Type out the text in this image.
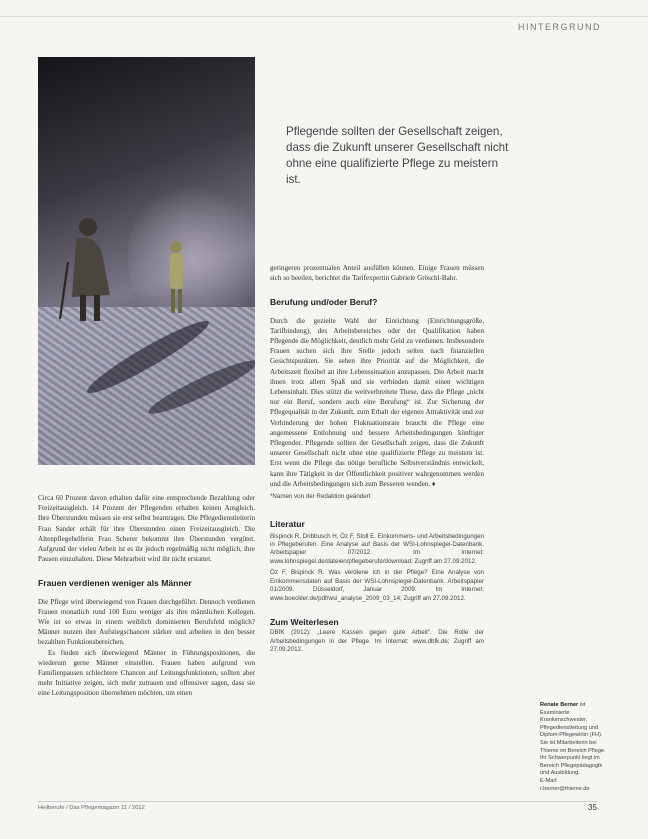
HINTERGRUND
Pflegende sollten der Gesellschaft zeigen, dass die Zukunft unserer Gesellschaft nicht ohne eine qualifizierte Pflege zu meistern ist.

geringeren prozentualen Anteil ausfüllen können. Einige Frauen müssen sich so beeilen, berichtet die Tarifexpertin Gabriele Gröschl-Bahr.

Berufung und/oder Beruf?

Durch die gezielte Wahl der Einrichtung (Einrichtungsgröße, Tarifbindung), des Arbeitsbereiches oder der Qualifikation haben Pflegende die Möglichkeit, deutlich mehr Geld zu verdienen. Insbesondere Frauen suchen sich ihre Stelle jedoch selten nach finanziellen Gesichtspunkten. Sie sehen ihre Priorität auf die Möglichkeit, die Arbeitszeit flexibel an ihre Lebenssituation anzupassen. Die Arbeit macht ihnen trotz allem Spaß und sie verbinden damit einen wichtigen Lebensinhalt. Dies stützt die weitverbreitete These, dass die Pflege „nicht nur ein Beruf, sondern auch eine Berufung“ ist. Zur Sicherung der Pflegequalität in der Zukunft, zum Erhalt der eigenen Attraktivität und zur Verhinderung der hohen Fluktuationsrate braucht die Pflege eine angemessene Entlohnung und bessere Arbeitsbedingungen künftiger Pflegender. Pflegende sollten der Gesellschaft zeigen, dass die Zukunft unserer Gesellschaft nicht ohne eine qualifizierte Pflege zu meistern ist. Erst wenn die Pflege das nötige berufliche Selbstverständnis entwickelt, kann ihre Tätigkeit in der Öffentlichkeit positiver wahrgenommen werden und die Arbeitsbedingungen sich zum Besseren wenden. ♦

*Namen von der Redaktion geändert

Literatur

Bispinck R, Dribbusch H, Öz F, Stoll E. Einkommens- und Arbeitsbedingungen in Pflegeberufen. Eine Analyse auf Basis der WSI-Lohnspiegel-Datenbank. Arbeitspapier 07/2012. Im Internet: www.lohnspiegel.de/dateien/pflegeberufe/download; Zugriff am 27.09.2012.

Öz F, Bispinck R. Was verdiene ich in der Pflege? Eine Analyse von Einkommensdaten auf Basis der WSI-Lohnspiegel-Datenbank. Arbeitspapier 01/2009. Düsseldorf, Januar 2009. Im Internet: www.boeckler.de/pdf/wsi_analyse_2009_03_14; Zugriff am 27.09.2012.

Zum Weiterlesen

DBfK (2012): „Leere Kassen gegen gute Arbeit“. Die Rolle der Arbeitsbedingungen in der Pflege. Im Internet: www.dbfk.de; Zugriff am 27.09.2012.

Circa 60 Prozent davon erhalten dafür eine entsprechende Bezahlung oder Freizeitausgleich. 14 Prozent der Pflegenden erhalten keinen Ausgleich. Ihre Überstunden müssen sie erst selbst beantragen. Die Pflegedienstleiterin Frau Sander erhält für ihre Überstunden einen Freizeitausgleich. Die Altenpflegehelferin Frau Scherer bekommt ihre Überstunden vergütet. Aufgrund der vielen Arbeit ist es ihr jedoch regelmäßig nicht möglich, ihre Pausen einzuhalten. Diese Mehrarbeit wird ihr nicht erstattet.

Frauen verdienen weniger als Männer

Die Pflege wird überwiegend von Frauen durchgeführt. Dennoch verdienen Frauen monatlich rund 100 Euro weniger als ihre männlichen Kollegen. Wie ist so etwas in einem weiblich dominierten Berufsfeld möglich? Männer nutzen ihre Aufstiegschancen stärker und arbeiten in den besser bezahlten Funktionsbereichen.

Es finden sich überwiegend Männer in Führungspositionen, die wiederum gerne Männer einstellen. Frauen haben aufgrund von Familienpausen schlechtere Chancen auf Leitungsfunktionen, sollten aber mehr Initiative zeigen, sich mehr zutrauen und offensiver sagen, dass sie eine Leitungsposition übernehmen möchten, um einen

Renate Berner ist Examinierte Krankenschwester, Pflegedienstleitung und Diplom-Pflegewirtin (FH). Sie ist Mitarbeiterin bei Thieme im Bereich Pflege. Ihr Schwerpunkt liegt im Bereich Pflegepädagogik und Ausbildung.
E-Mail: r.berner@thieme.de
Heilberufe / Das Pflegemagazin 11 / 2012	35
